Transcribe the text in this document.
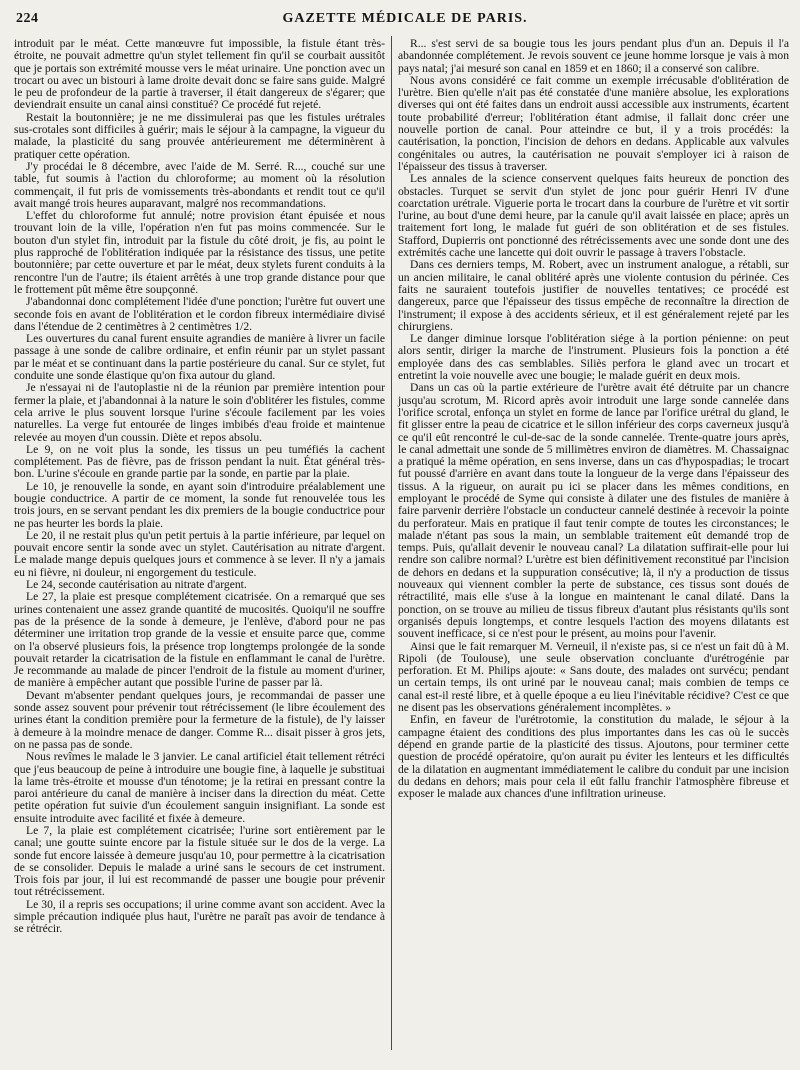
224	GAZETTE MÉDICALE DE PARIS.

introduit par le méat. Cette manœuvre fut impossible, la fistule étant très-étroite, ne pouvait admettre qu'un stylet tellement fin qu'il se courbait aussitôt que je portais son extrémité mousse vers le méat urinaire. Une ponction avec un trocart ou avec un bistouri à lame droite devait donc se faire sans guide. Malgré le peu de profondeur de la partie à traverser, il était dangereux de s'égarer; que deviendrait ensuite un canal ainsi constitué? Ce procédé fut rejeté.

Restait la boutonnière; je ne me dissimulerai pas que les fistules urétrales sus-crotales sont difficiles à guérir; mais le séjour à la campagne, la vigueur du malade, la plasticité du sang prouvée antérieurement me déterminèrent à pratiquer cette opération.

J'y procédai le 8 décembre, avec l'aide de M. Serré. R..., couché sur une table, fut soumis à l'action du chloroforme; au moment où la résolution commençait, il fut pris de vomissements très-abondants et rendit tout ce qu'il avait mangé trois heures auparavant, malgré nos recommandations.

L'effet du chloroforme fut annulé; notre provision étant épuisée et nous trouvant loin de la ville, l'opération n'en fut pas moins commencée. Sur le bouton d'un stylet fin, introduit par la fistule du côté droit, je fis, au point le plus rapproché de l'oblitération indiquée par la résistance des tissus, une petite boutonnière; par cette ouverture et par le méat, deux stylets furent conduits à la rencontre l'un de l'autre; ils étaient arrêtés à une trop grande distance pour que le frottement pût même être soupçonné.

J'abandonnai donc complétement l'idée d'une ponction; l'urètre fut ouvert une seconde fois en avant de l'oblitération et le cordon fibreux intermédiaire divisé dans l'étendue de 2 centimètres à 2 centimètres 1/2.

Les ouvertures du canal furent ensuite agrandies de manière à livrer un facile passage à une sonde de calibre ordinaire, et enfin réunir par un stylet passant par le méat et se continuant dans la partie postérieure du canal. Sur ce stylet, fut conduite une sonde élastique qu'on fixa autour du gland.

Je n'essayai ni de l'autoplastie ni de la réunion par première intention pour fermer la plaie, et j'abandonnai à la nature le soin d'oblitérer les fistules, comme cela arrive le plus souvent lorsque l'urine s'écoule facilement par les voies naturelles. La verge fut entourée de linges imbibés d'eau froide et maintenue relevée au moyen d'un coussin. Diète et repos absolu.

Le 9, on ne voit plus la sonde, les tissus un peu tuméfiés la cachent complétement. Pas de fièvre, pas de frisson pendant la nuit. État général très-bon. L'urine s'écoule en grande partie par la sonde, en partie par la plaie.

Le 10, je renouvelle la sonde, en ayant soin d'introduire préalablement une bougie conductrice. A partir de ce moment, la sonde fut renouvelée tous les trois jours, en se servant pendant les dix premiers de la bougie conductrice pour ne pas heurter les bords la plaie.

Le 20, il ne restait plus qu'un petit pertuis à la partie inférieure, par lequel on pouvait encore sentir la sonde avec un stylet. Cautérisation au nitrate d'argent. Le malade mange depuis quelques jours et commence à se lever. Il n'y a jamais eu ni fièvre, ni douleur, ni engorgement du testicule.

Le 24, seconde cautérisation au nitrate d'argent.

Le 27, la plaie est presque complétement cicatrisée. On a remarqué que ses urines contenaient une assez grande quantité de mucosités. Quoiqu'il ne souffre pas de la présence de la sonde à demeure, je l'enlève, d'abord pour ne pas déterminer une irritation trop grande de la vessie et ensuite parce que, comme on l'a observé plusieurs fois, la présence trop longtemps prolongée de la sonde pouvait retarder la cicatrisation de la fistule en enflammant le canal de l'urètre. Je recommande au malade de pincer l'endroit de la fistule au moment d'uriner, de manière à empêcher autant que possible l'urine de passer par là.

Devant m'absenter pendant quelques jours, je recommandai de passer une sonde assez souvent pour prévenir tout rétrécissement (le libre écoulement des urines étant la condition première pour la fermeture de la fistule), de l'y laisser à demeure à la moindre menace de danger. Comme R... disait pisser à gros jets, on ne passa pas de sonde.

Nous revîmes le malade le 3 janvier. Le canal artificiel était tellement rétréci que j'eus beaucoup de peine à introduire une bougie fine, à laquelle je substituai la lame très-étroite et mousse d'un ténotome; je la retirai en pressant contre la paroi antérieure du canal de manière à inciser dans la direction du méat. Cette petite opération fut suivie d'un écoulement sanguin insignifiant. La sonde est ensuite introduite avec facilité et fixée à demeure.

Le 7, la plaie est complétement cicatrisée; l'urine sort entièrement par le canal; une goutte suinte encore par la fistule située sur le dos de la verge. La sonde fut encore laissée à demeure jusqu'au 10, pour permettre à la cicatrisation de se consolider. Depuis le malade a uriné sans le secours de cet instrument. Trois fois par jour, il lui est recommandé de passer une bougie pour prévenir tout rétrécissement.

Le 30, il a repris ses occupations; il urine comme avant son accident. Avec la simple précaution indiquée plus haut, l'urètre ne paraît pas avoir de tendance à se rétrécir.

R... s'est servi de sa bougie tous les jours pendant plus d'un an. Depuis il l'a abandonnée complétement. Je revois souvent ce jeune homme lorsque je vais à mon pays natal; j'ai mesuré son canal en 1859 et en 1860; il a conservé son calibre.

Nous avons considéré ce fait comme un exemple irrécusable d'oblitération de l'urètre. Bien qu'elle n'ait pas été constatée d'une manière absolue, les explorations diverses qui ont été faites dans un endroit aussi accessible aux instruments, écartent toute probabilité d'erreur; l'oblitération étant admise, il fallait donc créer une nouvelle portion de canal. Pour atteindre ce but, il y a trois procédés: la cautérisation, la ponction, l'incision de dehors en dedans. Applicable aux valvules congénitales ou autres, la cautérisation ne pouvait s'employer ici à raison de l'épaisseur des tissus à traverser.

Les annales de la science conservent quelques faits heureux de ponction des obstacles. Turquet se servit d'un stylet de jonc pour guérir Henri IV d'une coarctation urétrale. Viguerie porta le trocart dans la courbure de l'urètre et vit sortir l'urine, au bout d'une demi heure, par la canule qu'il avait laissée en place; après un traitement fort long, le malade fut guéri de son oblitération et de ses fistules. Stafford, Dupierris ont ponctionné des rétrécissements avec une sonde dont une des extrémités cache une lancette qui doit ouvrir le passage à travers l'obstacle.

Dans ces derniers temps, M. Robert, avec un instrument analogue, a rétabli, sur un ancien militaire, le canal oblitéré après une violente contusion du périnée. Ces faits ne sauraient toutefois justifier de nouvelles tentatives; ce procédé est dangereux, parce que l'épaisseur des tissus empêche de reconnaître la direction de l'instrument; il expose à des accidents sérieux, et il est généralement rejeté par les chirurgiens.

Le danger diminue lorsque l'oblitération siége à la portion pénienne: on peut alors sentir, diriger la marche de l'instrument. Plusieurs fois la ponction a été employée dans des cas semblables. Siliès perfora le gland avec un trocart et entretint la voie nouvelle avec une bougie; le malade guérit en deux mois.

Dans un cas où la partie extérieure de l'urètre avait été détruite par un chancre jusqu'au scrotum, M. Ricord après avoir introduit une large sonde cannelée dans l'orifice scrotal, enfonça un stylet en forme de lance par l'orifice urétral du gland, le fit glisser entre la peau de cicatrice et le sillon inférieur des corps caverneux jusqu'à ce qu'il eût rencontré le cul-de-sac de la sonde cannelée. Trente-quatre jours après, le canal admettait une sonde de 5 millimètres environ de diamètres. M. Chassaignac a pratiqué la même opération, en sens inverse, dans un cas d'hypospadias; le trocart fut poussé d'arrière en avant dans toute la longueur de la verge dans l'épaisseur des tissus. A la rigueur, on aurait pu ici se placer dans les mêmes conditions, en employant le procédé de Syme qui consiste à dilater une des fistules de manière à faire parvenir derrière l'obstacle un conducteur cannelé destinée à recevoir la pointe du perforateur. Mais en pratique il faut tenir compte de toutes les circonstances; le malade n'étant pas sous la main, un semblable traitement eût demandé trop de temps. Puis, qu'allait devenir le nouveau canal? La dilatation suffirait-elle pour lui rendre son calibre normal? L'urètre est bien définitivement reconstitué par l'incision de dehors en dedans et la suppuration consécutive; là, il n'y a production de tissus nouveaux qui viennent combler la perte de substance, ces tissus sont doués de rétractilité, mais elle s'use à la longue en maintenant le canal dilaté. Dans la ponction, on se trouve au milieu de tissus fibreux d'autant plus résistants qu'ils sont organisés depuis longtemps, et contre lesquels l'action des moyens dilatants est souvent inefficace, si ce n'est pour le présent, au moins pour l'avenir.

Ainsi que le fait remarquer M. Verneuil, il n'existe pas, si ce n'est un fait dû à M. Ripoli (de Toulouse), une seule observation concluante d'urétrogénie par perforation. Et M. Philips ajoute: « Sans doute, des malades ont survécu; pendant un certain temps, ils ont uriné par le nouveau canal; mais combien de temps ce canal est-il resté libre, et à quelle époque a eu lieu l'inévitable récidive? C'est ce que ne disent pas les observations généralement incomplètes. »

Enfin, en faveur de l'urétrotomie, la constitution du malade, le séjour à la campagne étaient des conditions des plus importantes dans les cas où le succès dépend en grande partie de la plasticité des tissus. Ajoutons, pour terminer cette question de procédé opératoire, qu'on aurait pu éviter les lenteurs et les difficultés de la dilatation en augmentant immédiatement le calibre du conduit par une incision du dedans en dehors; mais pour cela il eût fallu franchir l'atmosphère fibreuse et exposer le malade aux chances d'une infiltration urineuse.
